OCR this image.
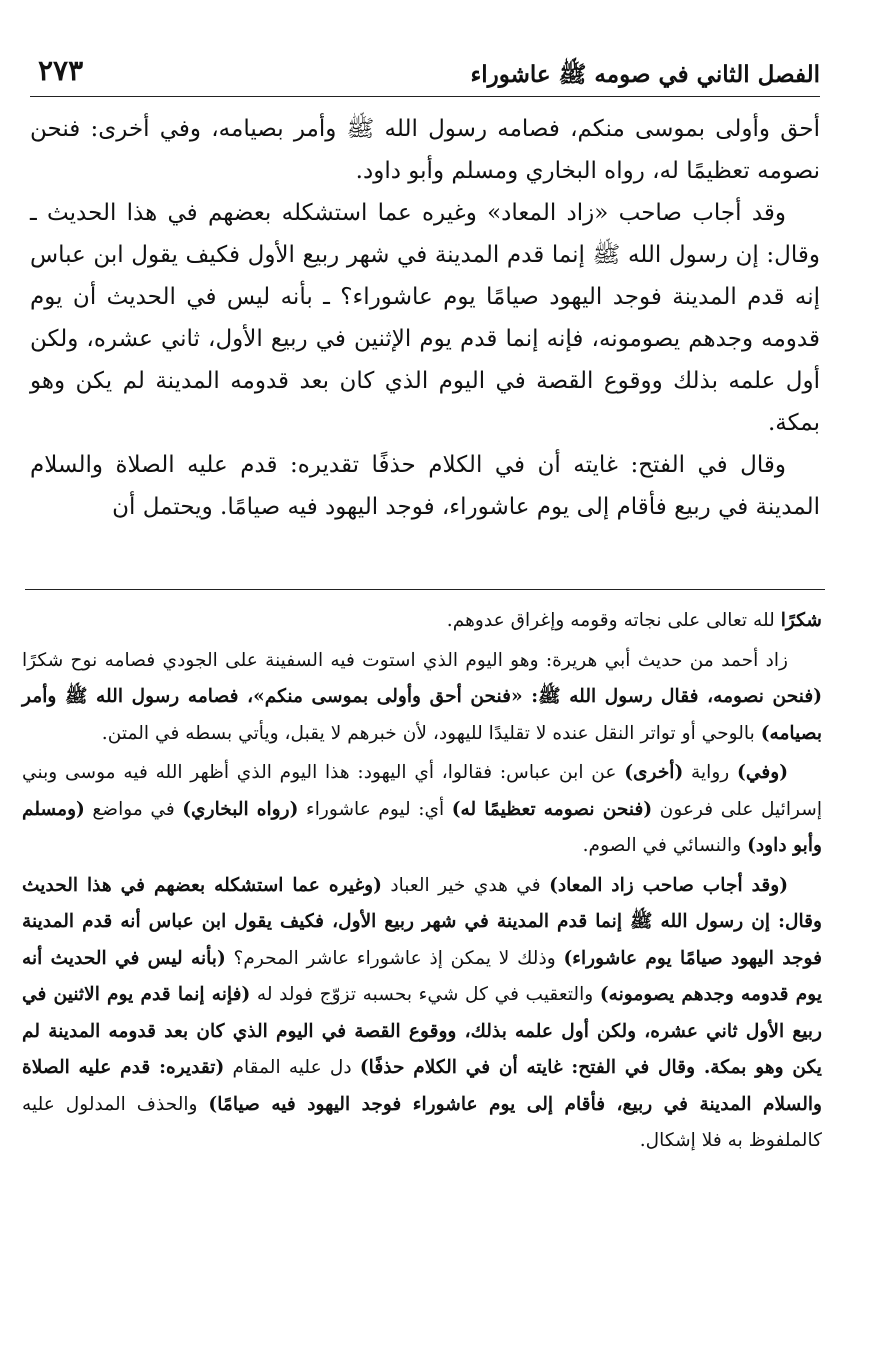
٢٧٣	الفصل الثاني في صومه ﷺ عاشوراء

أحق وأولى بموسى منكم، فصامه رسول الله ﷺ وأمر بصيامه، وفي أخرى: فنحن نصومه تعظيمًا له، رواه البخاري ومسلم وأبو داود.

وقد أجاب صاحب «زاد المعاد» وغيره عما استشكله بعضهم في هذا الحديث ـ وقال: إن رسول الله ﷺ إنما قدم المدينة في شهر ربيع الأول فكيف يقول ابن عباس إنه قدم المدينة فوجد اليهود صيامًا يوم عاشوراء؟ ـ بأنه ليس في الحديث أن يوم قدومه وجدهم يصومونه، فإنه إنما قدم يوم الإثنين في ربيع الأول، ثاني عشره، ولكن أول علمه بذلك ووقوع القصة في اليوم الذي كان بعد قدومه المدينة لم يكن وهو بمكة.

وقال في الفتح: غايته أن في الكلام حذفًا تقديره: قدم عليه الصلاة والسلام المدينة في ربيع فأقام إلى يوم عاشوراء، فوجد اليهود فيه صيامًا. ويحتمل أن

شكرًا لله تعالى على نجاته وقومه وإغراق عدوهم.

زاد أحمد من حديث أبي هريرة: وهو اليوم الذي استوت فيه السفينة على الجودي فصامه نوح شكرًا (فنحن نصومه، فقال رسول الله ﷺ: «فنحن أحق وأولى بموسى منكم»، فصامه رسول الله ﷺ وأمر بصيامه) بالوحي أو تواتر النقل عنده لا تقليدًا لليهود، لأن خبرهم لا يقبل، ويأتي بسطه في المتن.

(وفي) رواية (أخرى) عن ابن عباس: فقالوا، أي اليهود: هذا اليوم الذي أظهر الله فيه موسى وبني إسرائيل على فرعون (فنحن نصومه تعظيمًا له) أي: ليوم عاشوراء (رواه البخاري) في مواضع (ومسلم وأبو داود) والنسائي في الصوم.

(وقد أجاب صاحب زاد المعاد) في هدي خير العباد (وغيره عما استشكله بعضهم في هذا الحديث وقال: إن رسول الله ﷺ إنما قدم المدينة في شهر ربيع الأول، فكيف يقول ابن عباس أنه قدم المدينة فوجد اليهود صيامًا يوم عاشوراء) وذلك لا يمكن إذ عاشوراء عاشر المحرم؟ (بأنه ليس في الحديث أنه يوم قدومه وجدهم يصومونه) والتعقيب في كل شيء بحسبه تزوّج فولد له (فإنه إنما قدم يوم الاثنين في ربيع الأول ثاني عشره، ولكن أول علمه بذلك، ووقوع القصة في اليوم الذي كان بعد قدومه المدينة لم يكن وهو بمكة. وقال في الفتح: غايته أن في الكلام حذفًا) دل عليه المقام (تقديره: قدم عليه الصلاة والسلام المدينة في ربيع، فأقام إلى يوم عاشوراء فوجد اليهود فيه صيامًا) والحذف المدلول عليه كالملفوظ به فلا إشكال.
